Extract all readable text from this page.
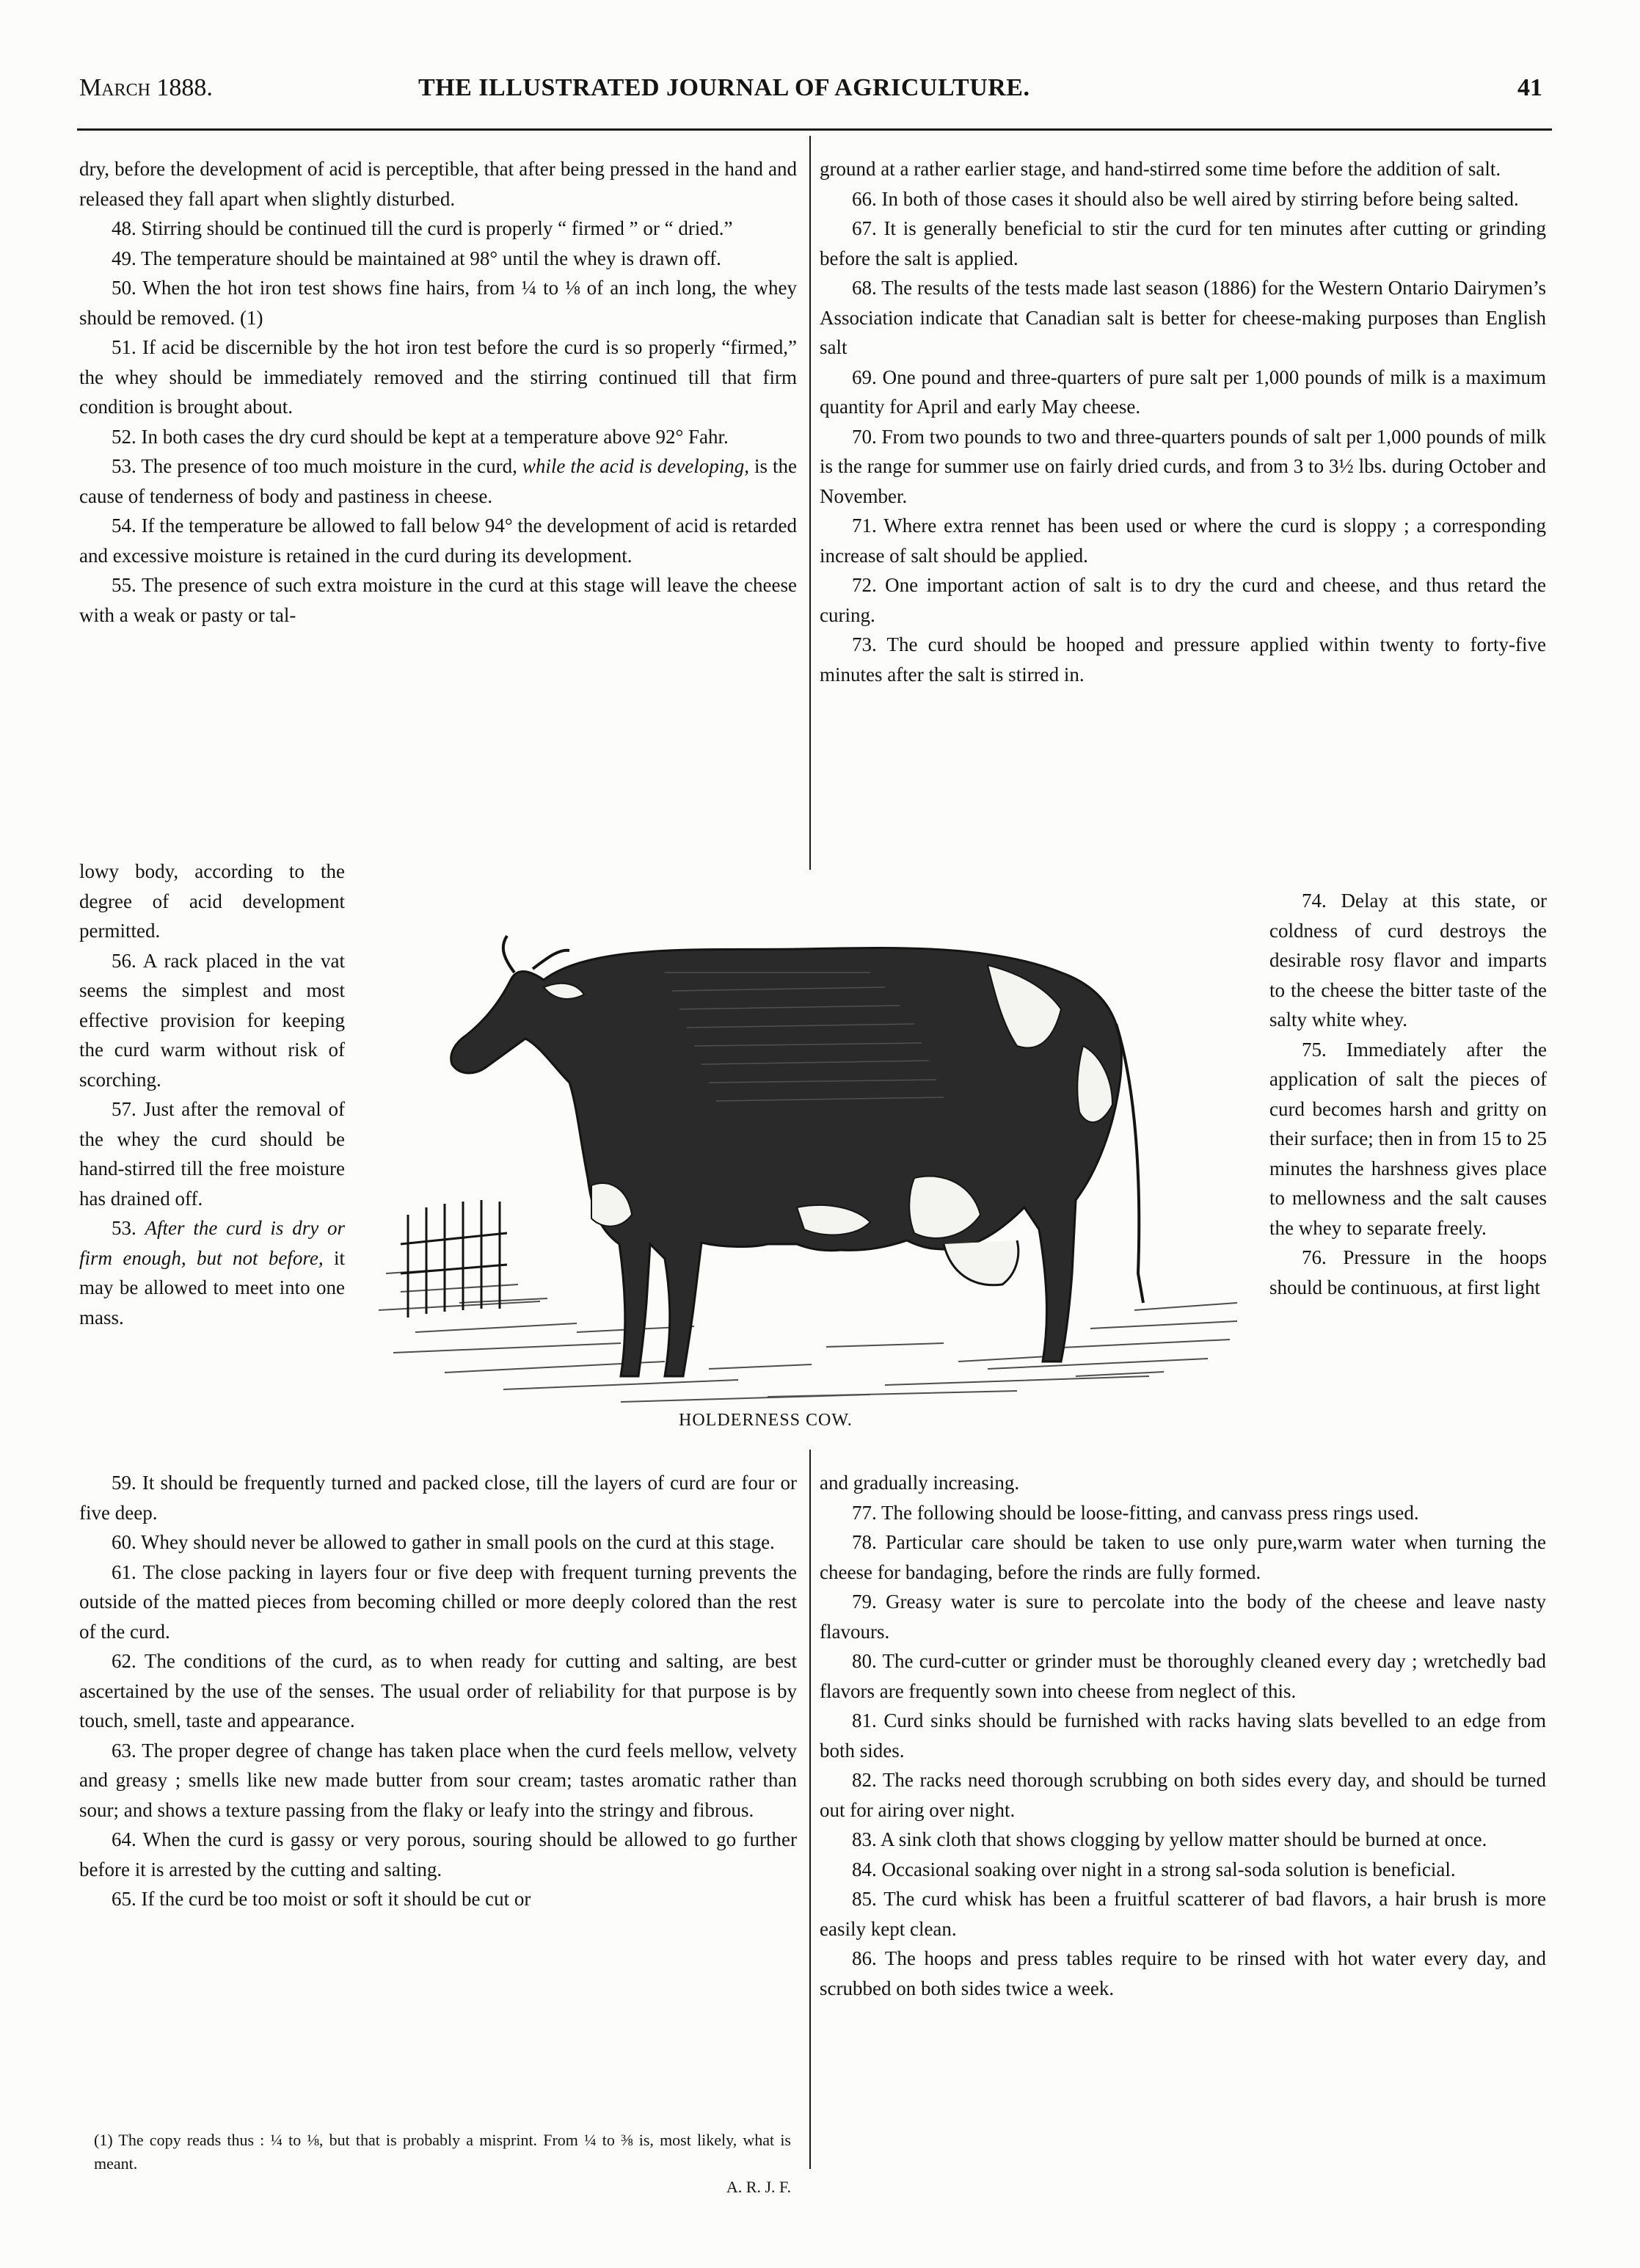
March 1888.	THE ILLUSTRATED JOURNAL OF AGRICULTURE.	41

dry, before the development of acid is perceptible, that after being pressed in the hand and released they fall apart when slightly disturbed.

48. Stirring should be continued till the curd is properly “ firmed ” or “ dried.”

49. The temperature should be maintained at 98° until the whey is drawn off.

50. When the hot iron test shows fine hairs, from ¼ to ⅛ of an inch long, the whey should be removed. (1)

51. If acid be discernible by the hot iron test before the curd is so properly “firmed,” the whey should be immediately removed and the stirring continued till that firm condition is brought about.

52. In both cases the dry curd should be kept at a temperature above 92° Fahr.

53. The presence of too much moisture in the curd, while the acid is developing, is the cause of tenderness of body and pastiness in cheese.

54. If the temperature be allowed to fall below 94° the development of acid is retarded and excessive moisture is retained in the curd during its development.

55. The presence of such extra moisture in the curd at this stage will leave the cheese with a weak or pasty or tal-

lowy body, according to the degree of acid development permitted.

56. A rack placed in the vat seems the simplest and most effective provision for keeping the curd warm without risk of scorching.

57. Just after the removal of the whey the curd should be hand-stirred till the free moisture has drained off.

53. After the curd is dry or firm enough, but not before, it may be allowed to meet into one mass.

HOLDERNESS COW.

ground at a rather earlier stage, and hand-stirred some time before the addition of salt.

66. In both of those cases it should also be well aired by stirring before being salted.

67. It is generally beneficial to stir the curd for ten minutes after cutting or grinding before the salt is applied.

68. The results of the tests made last season (1886) for the Western Ontario Dairymen’s Association indicate that Canadian salt is better for cheese-making purposes than English salt

69. One pound and three-quarters of pure salt per 1,000 pounds of milk is a maximum quantity for April and early May cheese.

70. From two pounds to two and three-quarters pounds of salt per 1,000 pounds of milk is the range for summer use on fairly dried curds, and from 3 to 3½ lbs. during October and November.

71. Where extra rennet has been used or where the curd is sloppy ; a corresponding increase of salt should be applied.

72. One important action of salt is to dry the curd and cheese, and thus retard the curing.

73. The curd should be hooped and pressure applied within twenty to forty-five minutes after the salt is stirred in.

74. Delay at this state, or coldness of curd destroys the desirable rosy flavor and imparts to the cheese the bitter taste of the salty white whey.

75. Immediately after the application of salt the pieces of curd becomes harsh and gritty on their surface; then in from 15 to 25 minutes the harshness gives place to mellowness and the salt causes the whey to separate freely.

76. Pressure in the hoops should be continuous, at first light

59. It should be frequently turned and packed close, till the layers of curd are four or five deep.

60. Whey should never be allowed to gather in small pools on the curd at this stage.

61. The close packing in layers four or five deep with frequent turning prevents the outside of the matted pieces from becoming chilled or more deeply colored than the rest of the curd.

62. The conditions of the curd, as to when ready for cutting and salting, are best ascertained by the use of the senses. The usual order of reliability for that purpose is by touch, smell, taste and appearance.

63. The proper degree of change has taken place when the curd feels mellow, velvety and greasy ; smells like new made butter from sour cream; tastes aromatic rather than sour; and shows a texture passing from the flaky or leafy into the stringy and fibrous.

64. When the curd is gassy or very porous, souring should be allowed to go further before it is arrested by the cutting and salting.

65. If the curd be too moist or soft it should be cut or

(1) The copy reads thus : ¼ to ⅛, but that is probably a misprint. From ¼ to ⅜ is, most likely, what is meant.

A. R. J. F.

and gradually increasing.

77. The following should be loose-fitting, and canvass press rings used.

78. Particular care should be taken to use only pure,warm water when turning the cheese for bandaging, before the rinds are fully formed.

79. Greasy water is sure to percolate into the body of the cheese and leave nasty flavours.

80. The curd-cutter or grinder must be thoroughly cleaned every day ; wretchedly bad flavors are frequently sown into cheese from neglect of this.

81. Curd sinks should be furnished with racks having slats bevelled to an edge from both sides.

82. The racks need thorough scrubbing on both sides every day, and should be turned out for airing over night.

83. A sink cloth that shows clogging by yellow matter should be burned at once.

84. Occasional soaking over night in a strong sal-soda solution is beneficial.

85. The curd whisk has been a fruitful scatterer of bad flavors, a hair brush is more easily kept clean.

86. The hoops and press tables require to be rinsed with hot water every day, and scrubbed on both sides twice a week.
